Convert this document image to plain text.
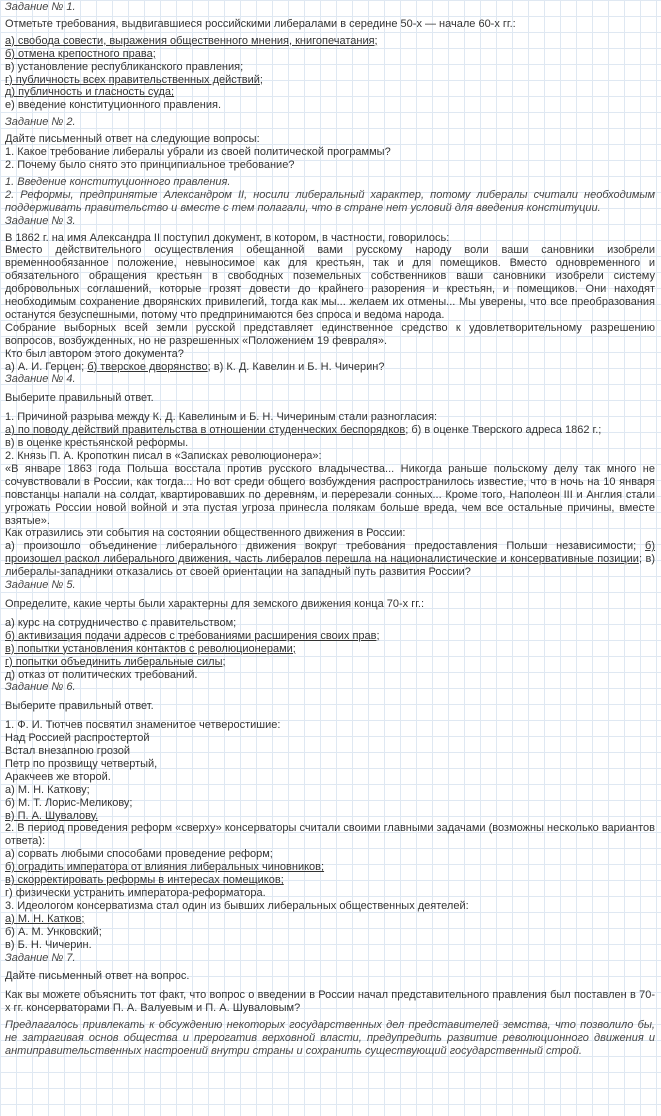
Задание № 1.

Отметьте требования, выдвигавшиеся российскими либералами в середине 50-х — начале 60-х гг.:

а) свобода совести, выражения общественного мнения, книгопечатания;

б) отмена крепостного права;

в) установление республиканского правления;

г) публичность всех правительственных действий;

д) публичность и гласность суда;

е) введение конституционного правления.

Задание № 2.

Дайте письменный ответ на следующие вопросы:

1. Какое требование либералы убрали из своей политической программы?

2. Почему было снято это принципиальное требование?

1. Введение конституционного правления.

2. Реформы, предпринятые Александром II, носили либеральный характер, потому либералы считали необходимым поддерживать правительство и вместе с тем полагали, что в стране нет условий для введения конституции.

Задание № 3.

В 1862 г. на имя Александра II поступил документ, в котором, в частности, говорилось:

Вместо действительного осуществления обещанной вами русскому народу воли ваши сановники изобрели временнообязанное положение, невыносимое как для крестьян, так и для помещиков. Вместо одновременного и обязательного обращения крестьян в свободных поземельных собственников ваши сановники изобрели систему добровольных соглашений, которые грозят довести до крайнего разорения и крестьян, и помещиков. Они находят необходимым сохранение дворянских привилегий, тогда как мы... желаем их отмены... Мы уверены, что все преобразования останутся безуспешными, потому что предпринимаются без спроса и ведома народа.

Собрание выборных всей земли русской представляет единственное средство к удовлетворительному разрешению вопросов, возбужденных, но не разрешенных «Положением 19 февраля».

Кто был автором этого документа?

а) А. И. Герцен; б) тверское дворянство; в) К. Д. Кавелин и Б. Н. Чичерин?

Задание № 4.

Выберите правильный ответ.

1. Причиной разрыва между К. Д. Кавелиным и Б. Н. Чичериным стали разногласия:

а) по поводу действий правительства в отношении студенческих беспорядков; б) в оценке Тверского адреса 1862 г.;

в) в оценке крестьянской реформы.

2. Князь П. А. Кропоткин писал в «Записках революционера»:

«В январе 1863 года Польша восстала против русского владычества... Никогда раньше польскому делу так много не сочувствовали в России, как тогда... Но вот среди общего возбуждения распространилось известие, что в ночь на 10 января повстанцы напали на солдат, квартировавших по деревням, и перерезали сонных... Кроме того, Наполеон III и Англия стали угрожать России новой войной и эта пустая угроза принесла полякам больше вреда, чем все остальные причины, вместе взятые».

Как отразились эти события на состоянии общественного движения в России:

а) произошло объединение либерального движения вокруг требования предоставления Польши независимости; б) произошел раскол либерального движения, часть либералов перешла на националистические и консервативные позиции; в) либералы-западники отказались от своей ориентации на западный путь развития России?

Задание № 5.

Определите, какие черты были характерны для земского движения конца 70-х гг.:

а) курс на сотрудничество с правительством;

б) активизация подачи адресов с требованиями расширения своих прав;

в) попытки установления контактов с революционерами;

г) попытки объединить либеральные силы;

д) отказ от политических требований.

Задание № 6.

Выберите правильный ответ.

1. Ф. И. Тютчев посвятил знаменитое четверостишие:

Над Россией распростертой

Встал внезапною грозой

Петр по прозвищу четвертый,

Аракчеев же второй.

а) М. Н. Каткову;

б) М. Т. Лорис-Меликову;

в) П. А. Шувалову.

2. В период проведения реформ «сверху» консерваторы считали своими главными задачами (возможны несколько вариантов ответа):

а) сорвать любыми способами проведение реформ;

б) оградить императора от влияния либеральных чиновников;

в) скорректировать реформы в интересах помещиков;

г) физически устранить императора-реформатора.

3. Идеологом консерватизма стал один из бывших либеральных общественных деятелей:

а) М. Н. Катков;

б) А. М. Унковский;

в) Б. Н. Чичерин.

Задание № 7.

Дайте письменный ответ на вопрос.

Как вы можете объяснить тот факт, что вопрос о введении в России начал представительного правления был поставлен в 70-х гг. консерваторами П. А. Валуевым и П. А. Шуваловым?

Предлагалось привлекать к обсуждению некоторых государственных дел представителей земства, что позволило бы, не затрагивая основ общества и прерогатив верховной власти, предупредить развитие революционного движения и антиправительственных настроений внутри страны и сохранить существующий государственный строй.
